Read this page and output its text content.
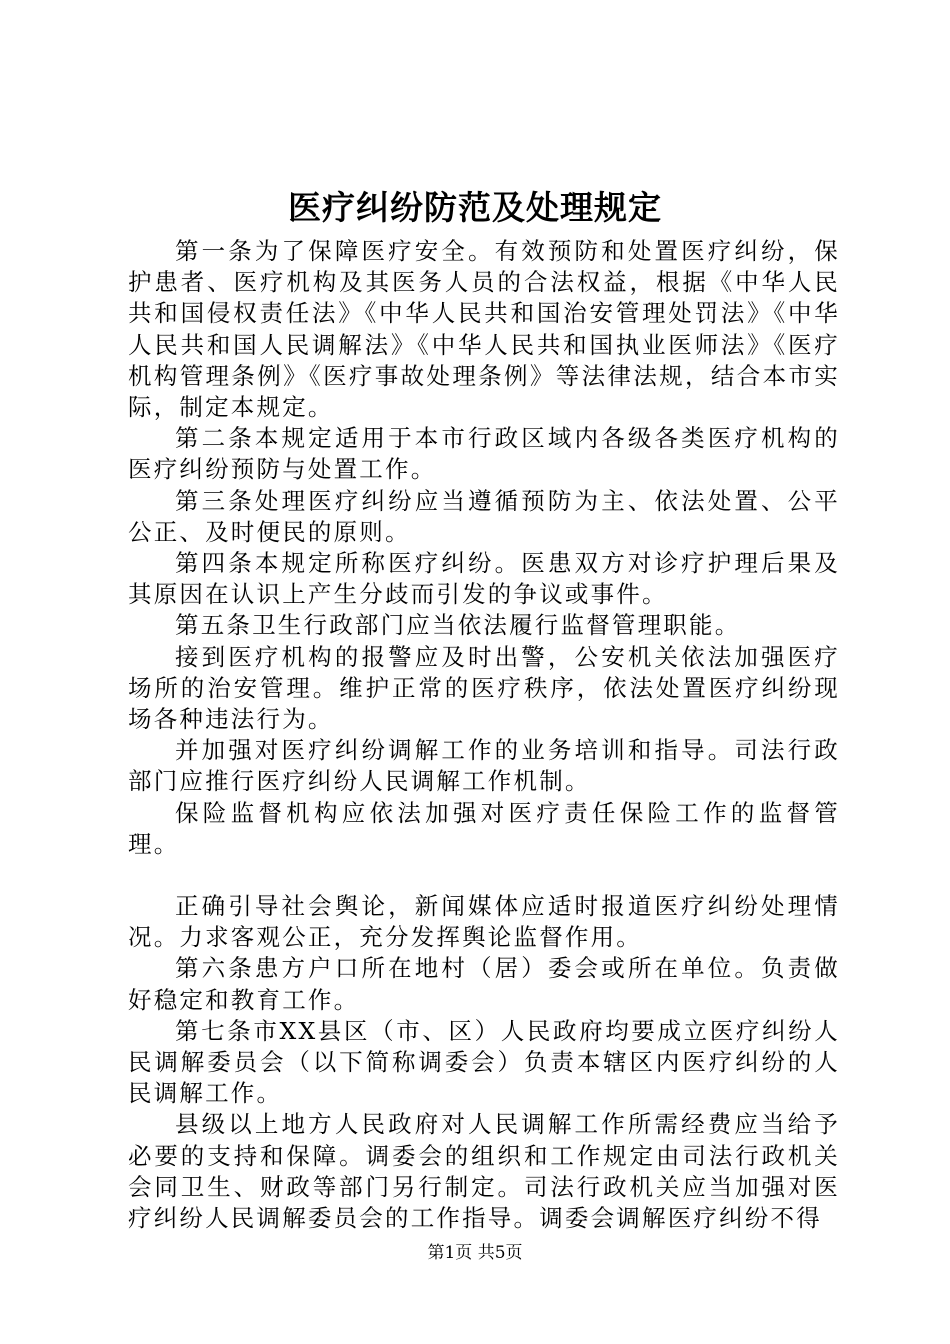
医疗纠纷防范及处理规定

第一条为了保障医疗安全。有效预防和处置医疗纠纷，保护患者、医疗机构及其医务人员的合法权益，根据《中华人民共和国侵权责任法》《中华人民共和国治安管理处罚法》《中华人民共和国人民调解法》《中华人民共和国执业医师法》《医疗机构管理条例》《医疗事故处理条例》等法律法规，结合本市实际，制定本规定。

第二条本规定适用于本市行政区域内各级各类医疗机构的医疗纠纷预防与处置工作。

第三条处理医疗纠纷应当遵循预防为主、依法处置、公平公正、及时便民的原则。

第四条本规定所称医疗纠纷。医患双方对诊疗护理后果及其原因在认识上产生分歧而引发的争议或事件。

第五条卫生行政部门应当依法履行监督管理职能。

接到医疗机构的报警应及时出警，公安机关依法加强医疗场所的治安管理。维护正常的医疗秩序，依法处置医疗纠纷现场各种违法行为。

并加强对医疗纠纷调解工作的业务培训和指导。司法行政部门应推行医疗纠纷人民调解工作机制。

保险监督机构应依法加强对医疗责任保险工作的监督管理。

正确引导社会舆论，新闻媒体应适时报道医疗纠纷处理情况。力求客观公正，充分发挥舆论监督作用。

第六条患方户口所在地村（居）委会或所在单位。负责做好稳定和教育工作。

第七条市XX县区（市、区）人民政府均要成立医疗纠纷人民调解委员会（以下简称调委会）负责本辖区内医疗纠纷的人民调解工作。

县级以上地方人民政府对人民调解工作所需经费应当给予必要的支持和保障。调委会的组织和工作规定由司法行政机关会同卫生、财政等部门另行制定。司法行政机关应当加强对医疗纠纷人民调解委员会的工作指导。调委会调解医疗纠纷不得

第1页 共5页
